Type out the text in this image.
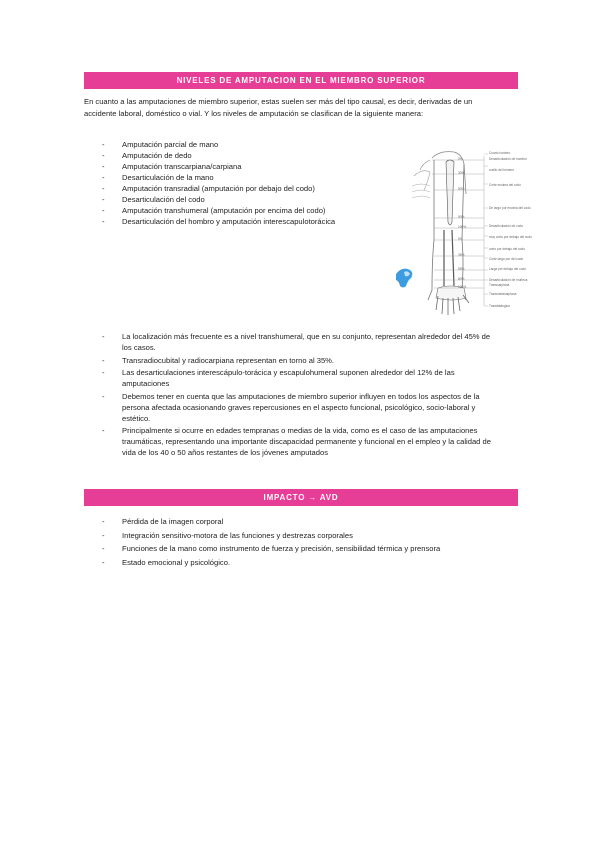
NIVELES DE AMPUTACION EN EL MIEMBRO SUPERIOR
En cuanto a las amputaciones de miembro superior, estas suelen ser más del tipo causal, es decir, derivadas de un accidente laboral, doméstico o vial. Y los niveles de amputación se clasifican de la siguiente manera:
- Amputación parcial de mano
- Amputación de dedo
- Amputación transcarpiana/carpiana
- Desarticulación de la mano
- Amputación transradial (amputación por debajo del codo)
- Desarticulación del codo
- Amputación transhumeral (amputación por encima del codo)
- Desarticulación del hombro y amputación interescapulotorácica
0%
30%
50%
90%
100%
0%
35%
55%
80%
100%
Cuarto hombro
Desarticulación de hombro
cuello del húmero
Corte encima del codo
De largo por encima del codo
Desarticulación de codo
muy corto por debajo del codo
corto por debajo del codo
Corte largo por del codo
Larga por debajo del codo
Desarticulación de muñeca
Transcarpiana
Transmetacarpiana
Transfalángica
- La localización más frecuente es a nivel transhumeral, que en su conjunto, representan alrededor del 45% de los casos.
- Transradiocubital y radiocarpiana representan en torno al 35%.
- Las desarticulaciones interescápulo-torácica y escapulohumeral suponen alrededor del 12% de las amputaciones
- Debemos tener en cuenta que las amputaciones de miembro superior influyen en todos los aspectos de la persona afectada ocasionando graves repercusiones en el aspecto funcional, psicológico, socio-laboral y estético.
- Principalmente si ocurre en edades tempranas o medias de la vida, como es el caso de las amputaciones traumáticas, representando una importante discapacidad permanente y funcional en el empleo y la calidad de vida de los 40 o 50 años restantes de los jóvenes amputados
IMPACTO → AVD
- Pérdida de la imagen corporal
- Integración sensitivo-motora de las funciones y destrezas corporales
- Funciones de la mano como instrumento de fuerza y precisión, sensibilidad térmica y prensora
- Estado emocional y psicológico.
